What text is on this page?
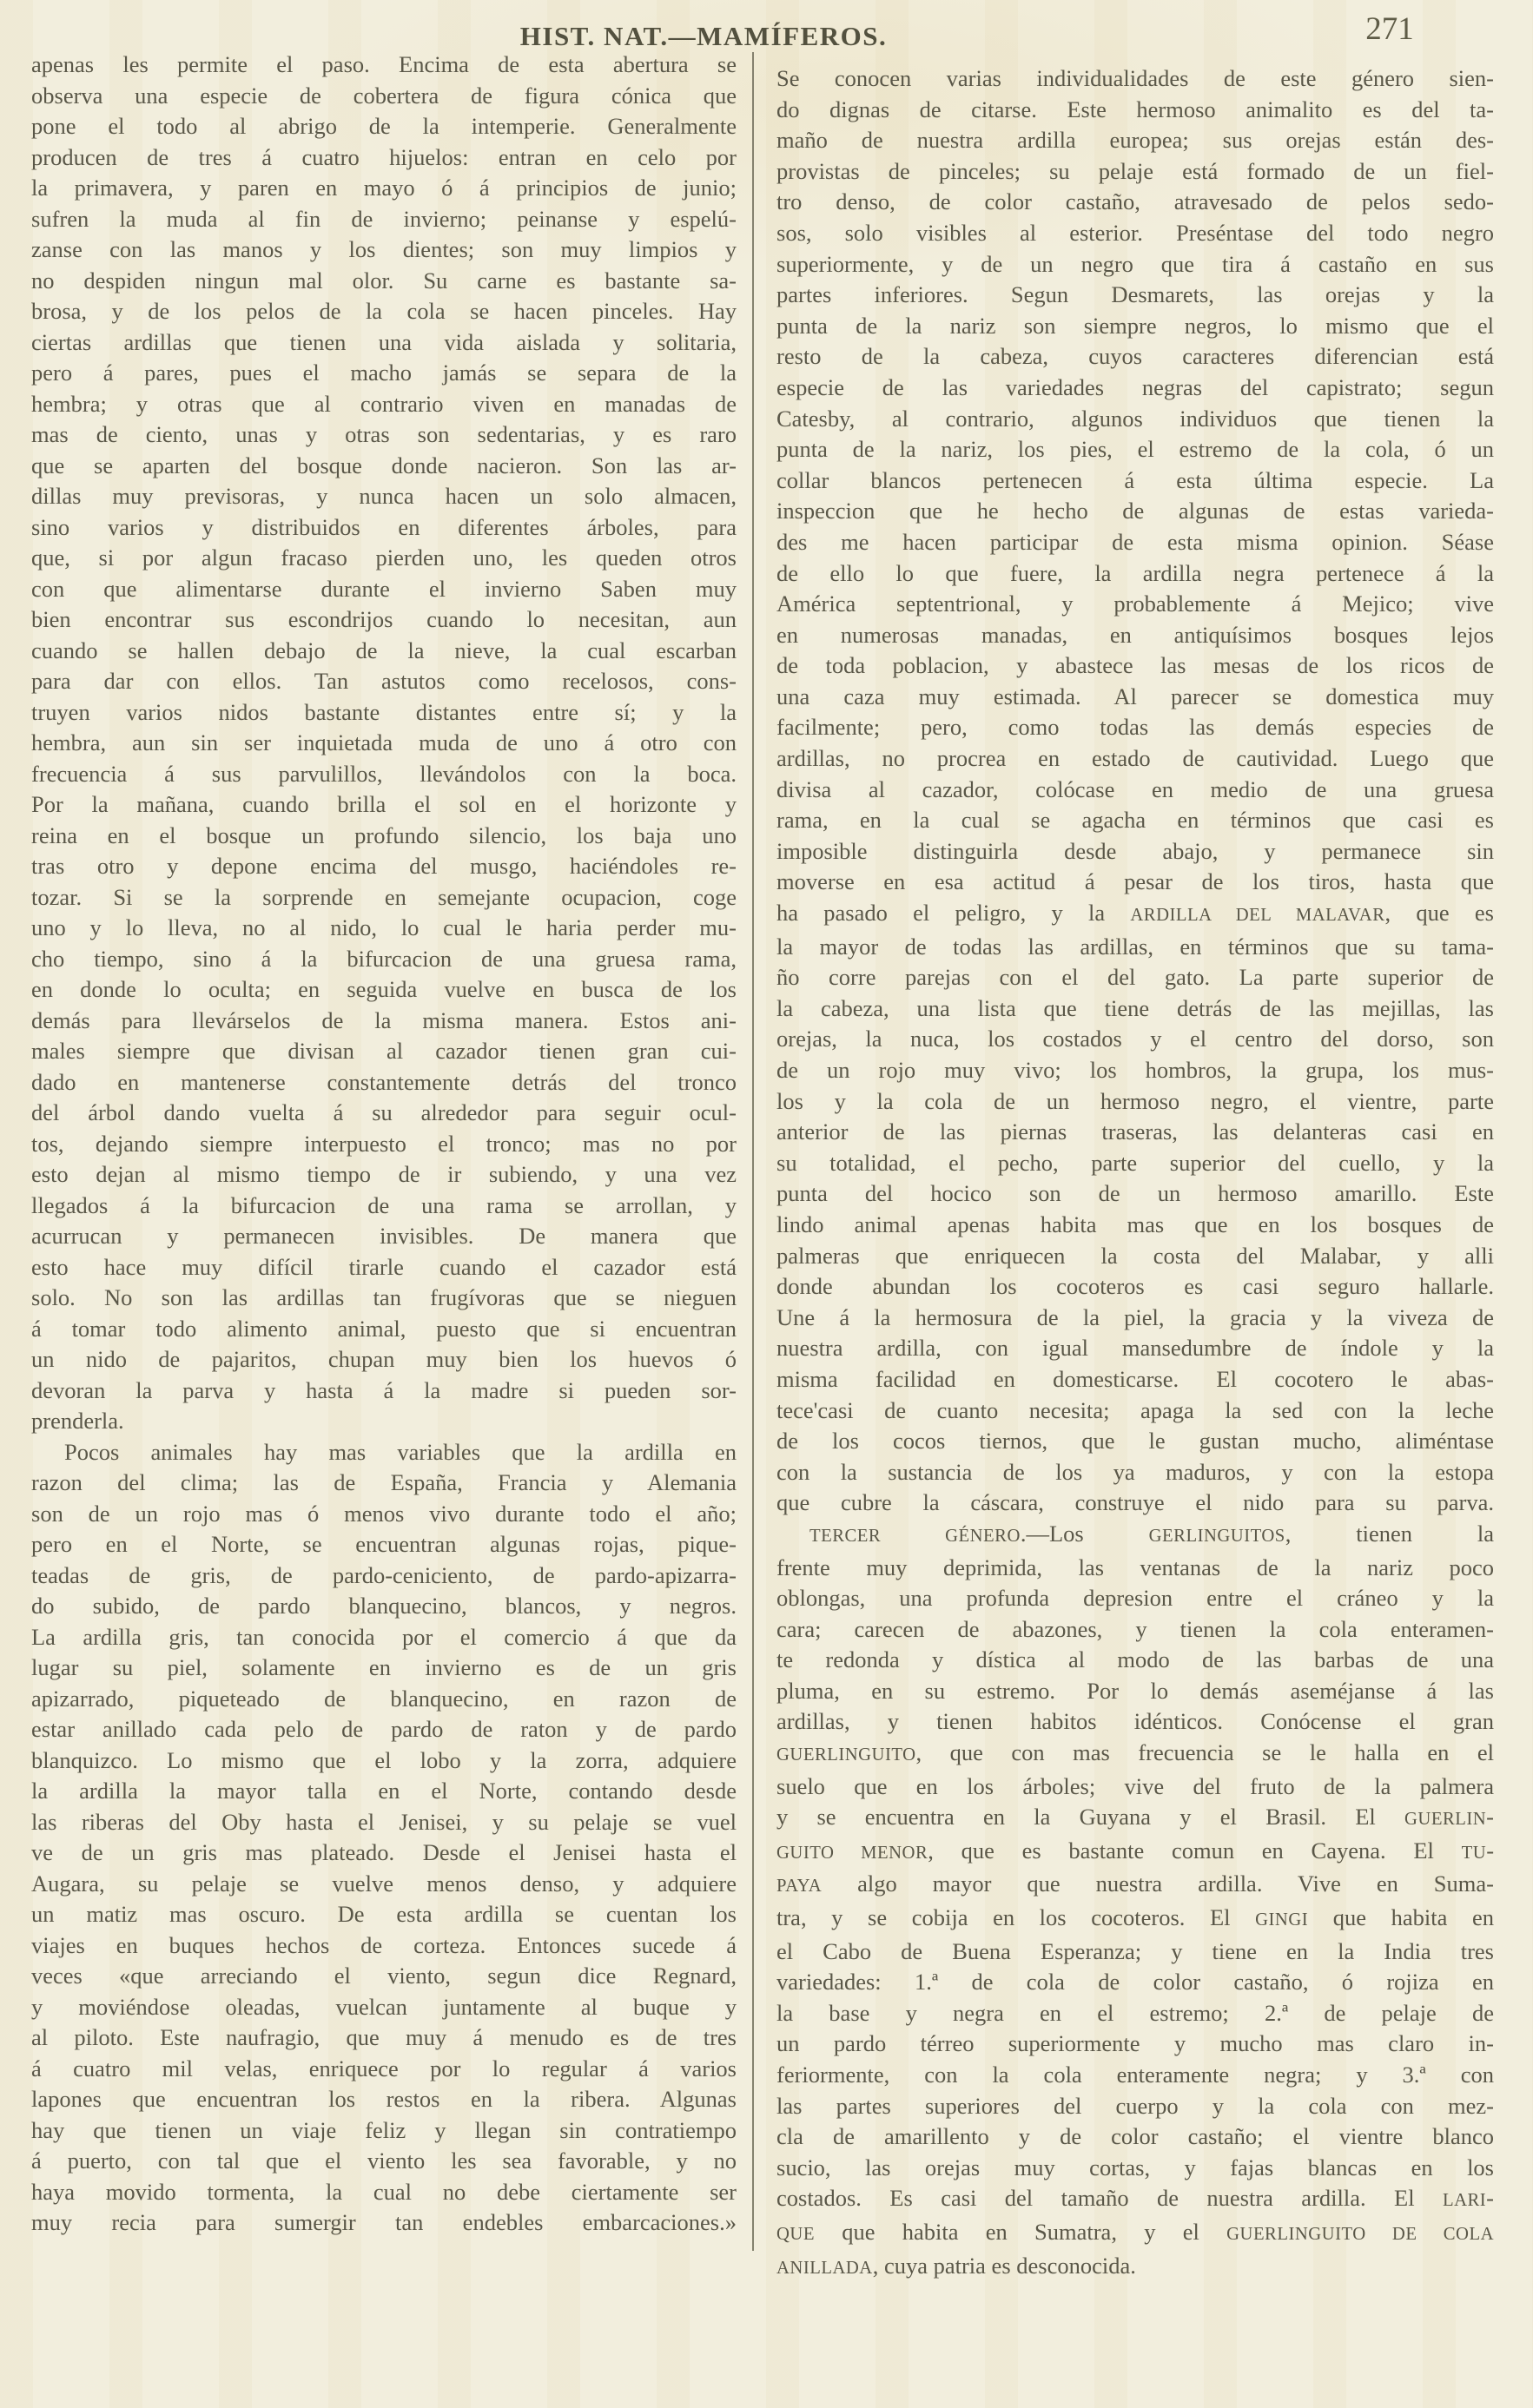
HIST. NAT.—MAMÍFEROS.	271
apenas les permite el paso. Encima de esta abertura se
observa una especie de cobertera de figura cónica que
pone el todo al abrigo de la intemperie. Generalmente
producen de tres á cuatro hijuelos: entran en celo por
la primavera, y paren en mayo ó á principios de junio;
sufren la muda al fin de invierno; peinanse y espelú-
zanse con las manos y los dientes; son muy limpios y
no despiden ningun mal olor. Su carne es bastante sa-
brosa, y de los pelos de la cola se hacen pinceles. Hay
ciertas ardillas que tienen una vida aislada y solitaria,
pero á pares, pues el macho jamás se separa de la
hembra; y otras que al contrario viven en manadas de
mas de ciento, unas y otras son sedentarias, y es raro
que se aparten del bosque donde nacieron. Son las ar-
dillas muy previsoras, y nunca hacen un solo almacen,
sino varios y distribuidos en diferentes árboles, para
que, si por algun fracaso pierden uno, les queden otros
con que alimentarse durante el invierno Saben muy
bien encontrar sus escondrijos cuando lo necesitan, aun
cuando se hallen debajo de la nieve, la cual escarban
para dar con ellos. Tan astutos como recelosos, cons-
truyen varios nidos bastante distantes entre sí; y la
hembra, aun sin ser inquietada muda de uno á otro con
frecuencia á sus parvulillos, llevándolos con la boca.
Por la mañana, cuando brilla el sol en el horizonte y
reina en el bosque un profundo silencio, los baja uno
tras otro y depone encima del musgo, haciéndoles re-
tozar. Si se la sorprende en semejante ocupacion, coge
uno y lo lleva, no al nido, lo cual le haria perder mu-
cho tiempo, sino á la bifurcacion de una gruesa rama,
en donde lo oculta; en seguida vuelve en busca de los
demás para llevárselos de la misma manera. Estos ani-
males siempre que divisan al cazador tienen gran cui-
dado en mantenerse constantemente detrás del tronco
del árbol dando vuelta á su alrededor para seguir ocul-
tos, dejando siempre interpuesto el tronco; mas no por
esto dejan al mismo tiempo de ir subiendo, y una vez
llegados á la bifurcacion de una rama se arrollan, y
acurrucan y permanecen invisibles. De manera que
esto hace muy difícil tirarle cuando el cazador está
solo. No son las ardillas tan frugívoras que se nieguen
á tomar todo alimento animal, puesto que si encuentran
un nido de pajaritos, chupan muy bien los huevos ó
devoran la parva y hasta á la madre si pueden sor-
prenderla.
Pocos animales hay mas variables que la ardilla en
razon del clima; las de España, Francia y Alemania
son de un rojo mas ó menos vivo durante todo el año;
pero en el Norte, se encuentran algunas rojas, pique-
teadas de gris, de pardo-ceniciento, de pardo-apizarra-
do subido, de pardo blanquecino, blancos, y negros.
La ardilla gris, tan conocida por el comercio á que da
lugar su piel, solamente en invierno es de un gris
apizarrado, piqueteado de blanquecino, en razon de
estar anillado cada pelo de pardo de raton y de pardo
blanquizco. Lo mismo que el lobo y la zorra, adquiere
la ardilla la mayor talla en el Norte, contando desde
las riberas del Oby hasta el Jenisei, y su pelaje se vuel
ve de un gris mas plateado. Desde el Jenisei hasta el
Augara, su pelaje se vuelve menos denso, y adquiere
un matiz mas oscuro. De esta ardilla se cuentan los
viajes en buques hechos de corteza. Entonces sucede á
veces «que arreciando el viento, segun dice Regnard,
y moviéndose oleadas, vuelcan juntamente al buque y
al piloto. Este naufragio, que muy á menudo es de tres
á cuatro mil velas, enriquece por lo regular á varios
lapones que encuentran los restos en la ribera. Algunas
hay que tienen un viaje feliz y llegan sin contratiempo
á puerto, con tal que el viento les sea favorable, y no
haya movido tormenta, la cual no debe ciertamente ser
muy recia para sumergir tan endebles embarcaciones.»
Se conocen varias individualidades de este género sien-
do dignas de citarse. Este hermoso animalito es del ta-
maño de nuestra ardilla europea; sus orejas están des-
provistas de pinceles; su pelaje está formado de un fiel-
tro denso, de color castaño, atravesado de pelos sedo-
sos, solo visibles al esterior. Preséntase del todo negro
superiormente, y de un negro que tira á castaño en sus
partes inferiores. Segun Desmarets, las orejas y la
punta de la nariz son siempre negros, lo mismo que el
resto de la cabeza, cuyos caracteres diferencian está
especie de las variedades negras del capistrato; segun
Catesby, al contrario, algunos individuos que tienen la
punta de la nariz, los pies, el estremo de la cola, ó un
collar blancos pertenecen á esta última especie. La
inspeccion que he hecho de algunas de estas varieda-
des me hacen participar de esta misma opinion. Séase
de ello lo que fuere, la ardilla negra pertenece á la
América septentrional, y probablemente á Mejico; vive
en numerosas manadas, en antiquísimos bosques lejos
de toda poblacion, y abastece las mesas de los ricos de
una caza muy estimada. Al parecer se domestica muy
facilmente; pero, como todas las demás especies de
ardillas, no procrea en estado de cautividad. Luego que
divisa al cazador, colócase en medio de una gruesa
rama, en la cual se agacha en términos que casi es
imposible distinguirla desde abajo, y permanece sin
moverse en esa actitud á pesar de los tiros, hasta que
ha pasado el peligro, y la ARDILLA DEL MALAVAR, que es
la mayor de todas las ardillas, en términos que su tama-
ño corre parejas con el del gato. La parte superior de
la cabeza, una lista que tiene detrás de las mejillas, las
orejas, la nuca, los costados y el centro del dorso, son
de un rojo muy vivo; los hombros, la grupa, los mus-
los y la cola de un hermoso negro, el vientre, parte
anterior de las piernas traseras, las delanteras casi en
su totalidad, el pecho, parte superior del cuello, y la
punta del hocico son de un hermoso amarillo. Este
lindo animal apenas habita mas que en los bosques de
palmeras que enriquecen la costa del Malabar, y alli
donde abundan los cocoteros es casi seguro hallarle.
Une á la hermosura de la piel, la gracia y la viveza de
nuestra ardilla, con igual mansedumbre de índole y la
misma facilidad en domesticarse. El cocotero le abas-
tece'casi de cuanto necesita; apaga la sed con la leche
de los cocos tiernos, que le gustan mucho, aliméntase
con la sustancia de los ya maduros, y con la estopa
que cubre la cáscara, construye el nido para su parva.
TERCER GÉNERO.—Los GERLINGUITOS, tienen la
frente muy deprimida, las ventanas de la nariz poco
oblongas, una profunda depresion entre el cráneo y la
cara; carecen de abazones, y tienen la cola enteramen-
te redonda y dística al modo de las barbas de una
pluma, en su estremo. Por lo demás aseméjanse á las
ardillas, y tienen habitos idénticos. Conócense el gran
GUERLINGUITO, que con mas frecuencia se le halla en el
suelo que en los árboles; vive del fruto de la palmera
y se encuentra en la Guyana y el Brasil. El GUERLIN-
GUITO MENOR, que es bastante comun en Cayena. El TU-
PAYA algo mayor que nuestra ardilla. Vive en Suma-
tra, y se cobija en los cocoteros. El GINGI que habita en
el Cabo de Buena Esperanza; y tiene en la India tres
variedades: 1.ª de cola de color castaño, ó rojiza en
la base y negra en el estremo; 2.ª de pelaje de
un pardo térreo superiormente y mucho mas claro in-
feriormente, con la cola enteramente negra; y 3.ª con
las partes superiores del cuerpo y la cola con mez-
cla de amarillento y de color castaño; el vientre blanco
sucio, las orejas muy cortas, y fajas blancas en los
costados. Es casi del tamaño de nuestra ardilla. El LARI-
QUE que habita en Sumatra, y el GUERLINGUITO DE COLA
ANILLADA, cuya patria es desconocida.
